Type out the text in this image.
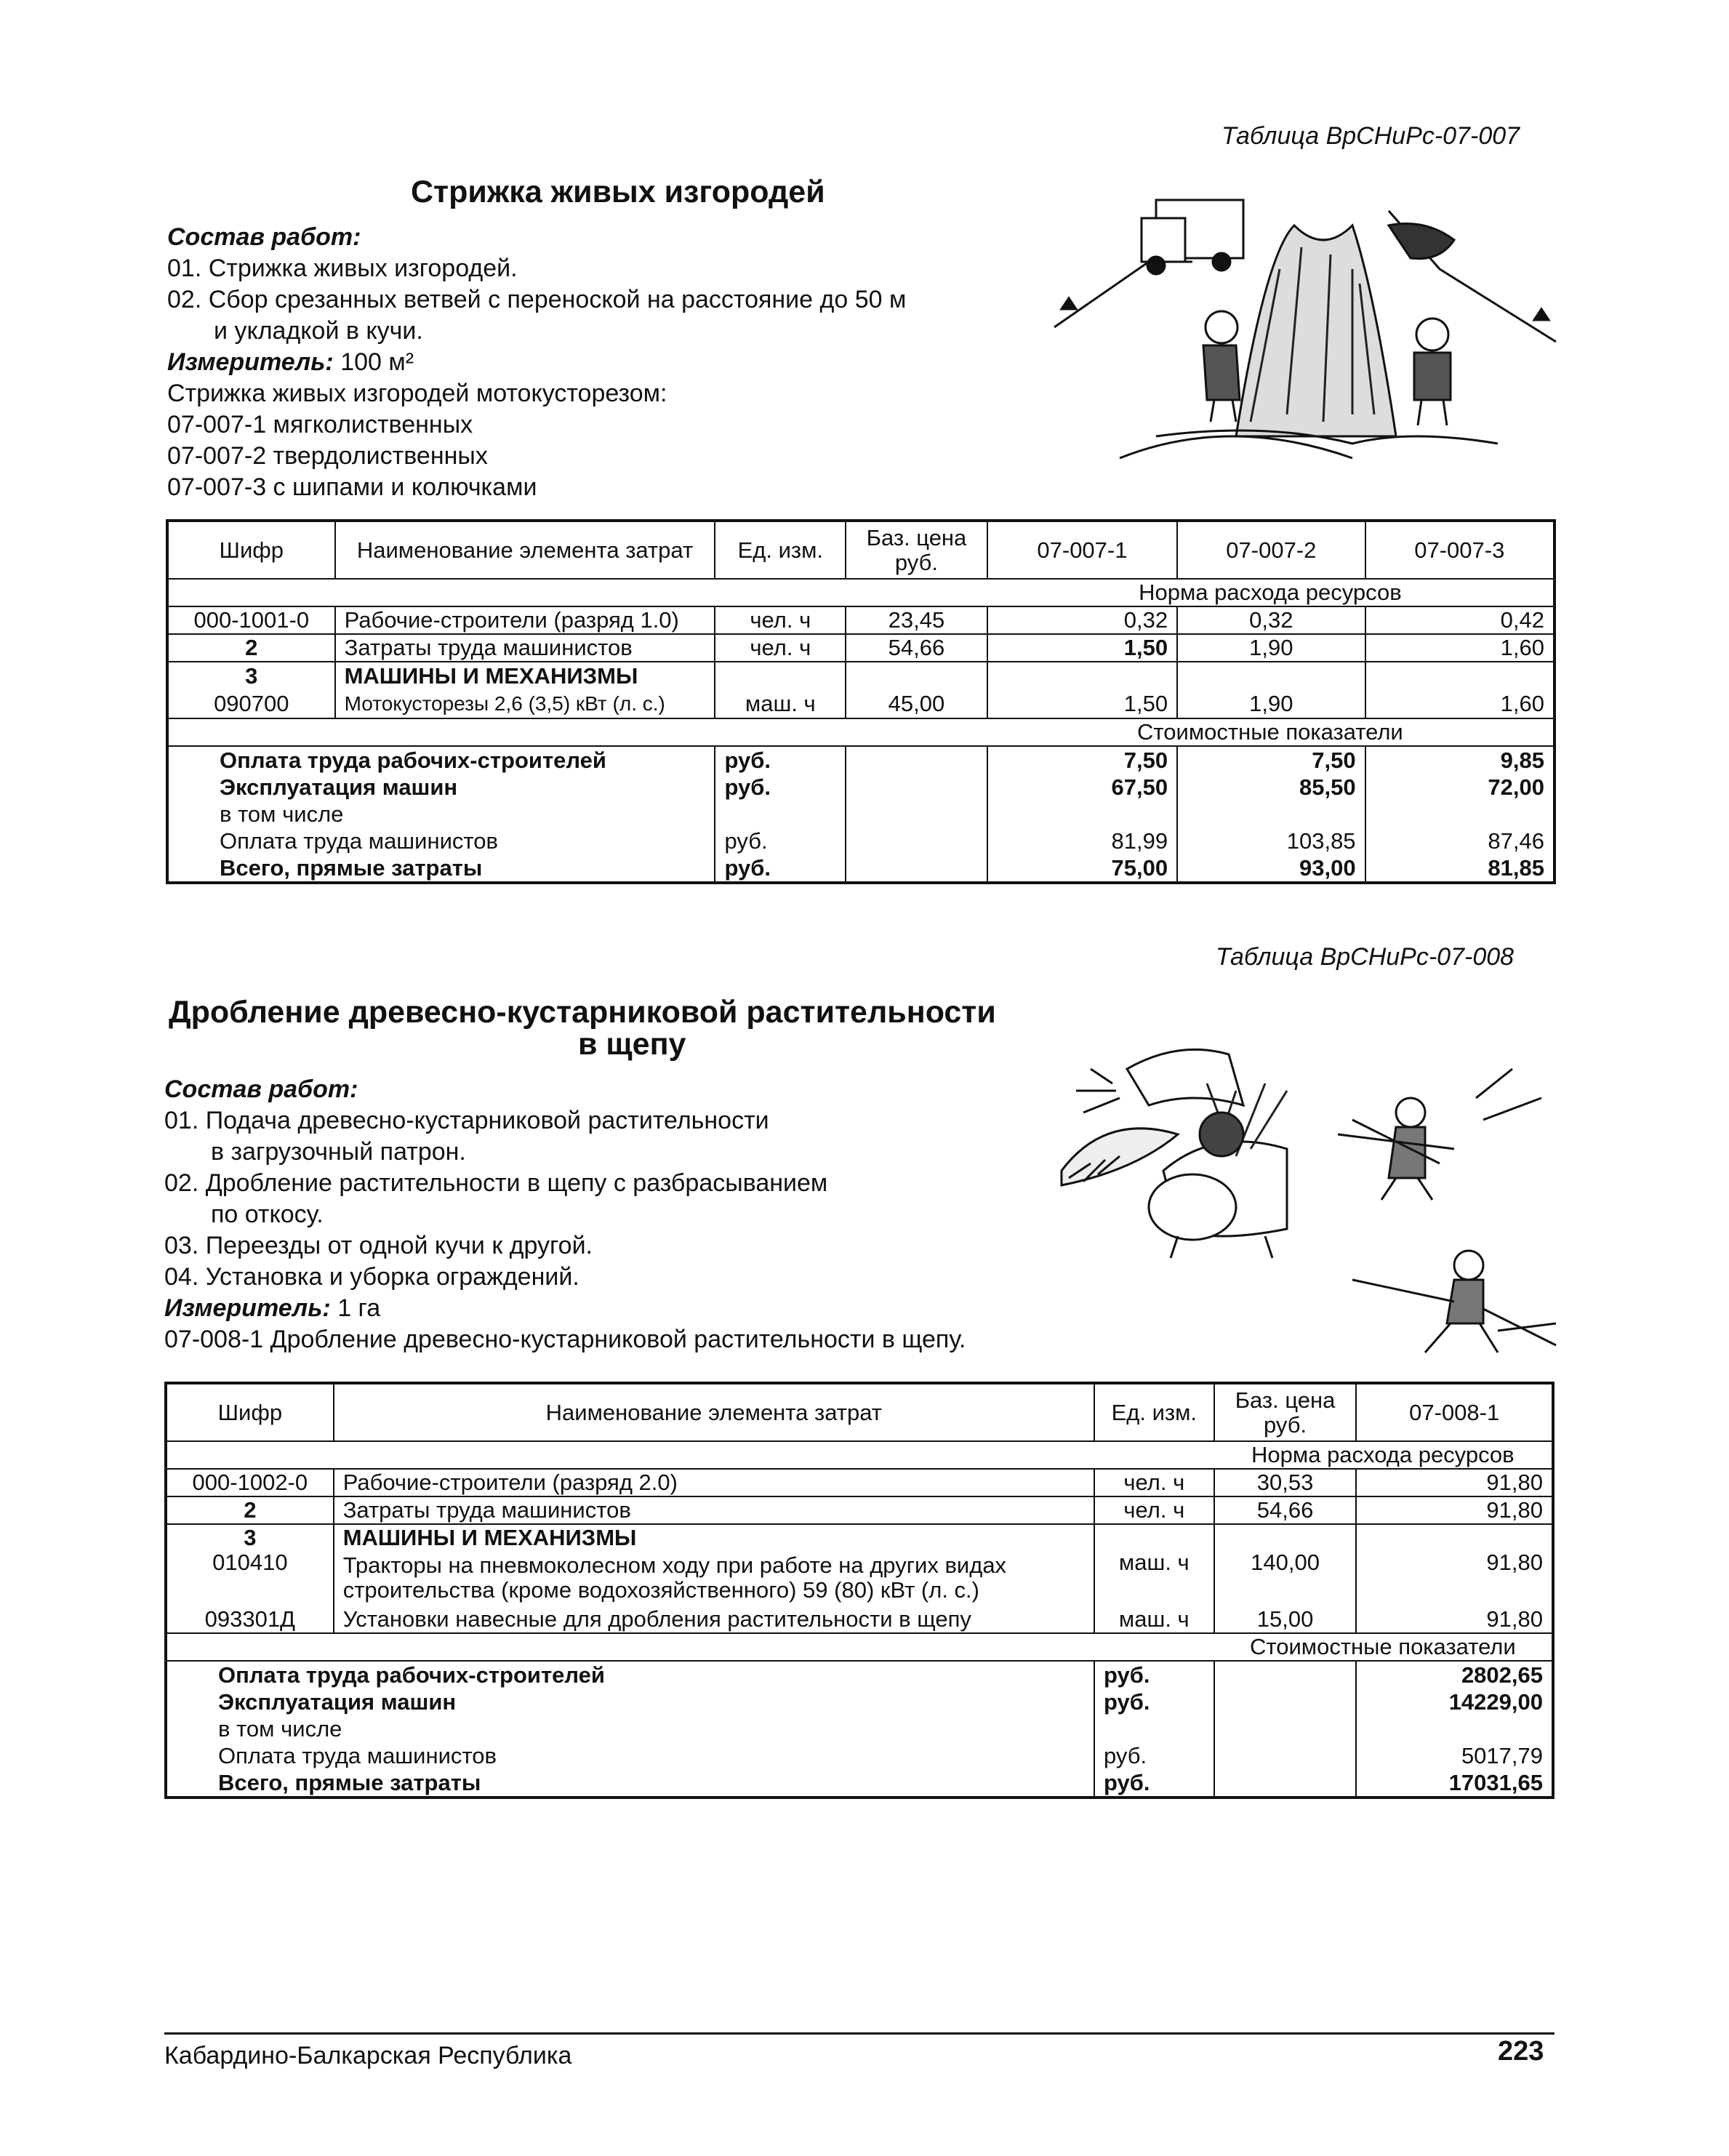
Таблица ВрСНиРс-07-007
Стрижка живых изгородей
Состав работ:
01. Стрижка живых изгородей.
02. Сбор срезанных ветвей с переноской на расстояние до 50 м
и укладкой в кучи.
Измеритель: 100 м²
Стрижка живых изгородей мотокусторезом:
07-007-1 мягколиственных
07-007-2 твердолиственных
07-007-3 с шипами и колючками
Шифр	Наименование элемента затрат	Ед. изм.	Баз. цена руб.	07-007-1	07-007-2	07-007-3
				Норма расхода ресурсов		
000-1001-0	Рабочие-строители (разряд 1.0)	чел. ч	23,45	0,32	0,32	0,42
2	Затраты труда машинистов	чел. ч	54,66	1,50	1,90	1,60
3	МАШИНЫ И МЕХАНИЗМЫ					
090700	Мотокусторезы 2,6 (3,5) кВт (л. с.)	маш. ч	45,00	1,50	1,90	1,60
				Стоимостные показатели		
Оплата труда рабочих-строителей		руб.		7,50	7,50	9,85
Эксплуатация машин		руб.		67,50	85,50	72,00
в том числе						
Оплата труда машинистов		руб.		81,99	103,85	87,46
Всего, прямые затраты		руб.		75,00	93,00	81,85
Таблица ВрСНиРс-07-008
Дробление древесно-кустарниковой растительности
в щепу
Состав работ:
01. Подача древесно-кустарниковой растительности
в загрузочный патрон.
02. Дробление растительности в щепу с разбрасыванием
по откосу.
03. Переезды от одной кучи к другой.
04. Установка и уборка ограждений.
Измеритель: 1 га
07-008-1 Дробление древесно-кустарниковой растительности в щепу.
Шифр	Наименование элемента затрат	Ед. изм.	Баз. цена руб.	07-008-1
			Норма расхода ресурсов	
000-1002-0	Рабочие-строители (разряд 2.0)	чел. ч	30,53	91,80
2	Затраты труда машинистов	чел. ч	54,66	91,80
3	МАШИНЫ И МЕХАНИЗМЫ			
010410	Тракторы на пневмоколесном ходу при работе на других видах
строительства (кроме водохозяйственного) 59 (80) кВт (л. с.)	маш. ч	140,00	91,80
093301Д	Установки навесные для дробления растительности в щепу	маш. ч	15,00	91,80
			Стоимостные показатели	
Оплата труда рабочих-строителей		руб.		2802,65
Эксплуатация машин		руб.		14229,00
в том числе				
Оплата труда машинистов		руб.		5017,79
Всего, прямые затраты		руб.		17031,65
Кабардино-Балкарская Республика	223
